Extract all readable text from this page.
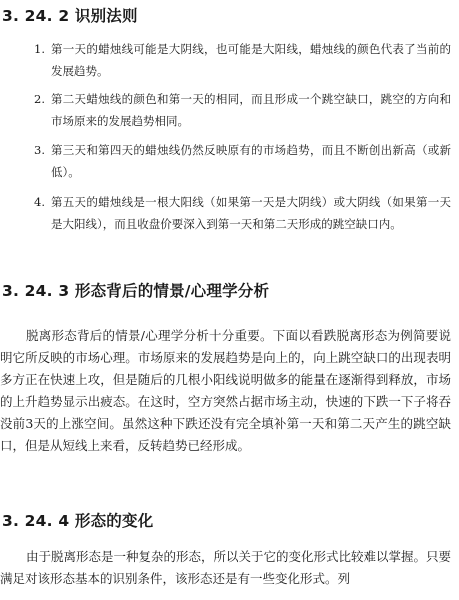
3. 24. 2 识别法则
1. 第一天的蜡烛线可能是大阴线，也可能是大阳线，蜡烛线的颜色代表了当前的发展趋势。
2. 第二天蜡烛线的颜色和第一天的相同，而且形成一个跳空缺口，跳空的方向和市场原来的发展趋势相同。
3. 第三天和第四天的蜡烛线仍然反映原有的市场趋势，而且不断创出新高（或新低）。
4. 第五天的蜡烛线是一根大阳线（如果第一天是大阴线）或大阴线（如果第一天是大阳线），而且收盘价要深入到第一天和第二天形成的跳空缺口内。
3. 24. 3 形态背后的情景/心理学分析

脱离形态背后的情景/心理学分析十分重要。下面以看跌脱离形态为例简要说明它所反映的市场心理。市场原来的发展趋势是向上的，向上跳空缺口的出现表明多方正在快速上攻，但是随后的几根小阳线说明做多的能量在逐渐得到释放，市场的上升趋势显示出疲态。在这时，空方突然占据市场主动，快速的下跌一下子将吞没前3天的上涨空间。虽然这种下跌还没有完全填补第一天和第二天产生的跳空缺口，但是从短线上来看，反转趋势已经形成。

3. 24. 4 形态的变化

由于脱离形态是一种复杂的形态，所以关于它的变化形式比较难以掌握。只要满足对该形态基本的识别条件，该形态还是有一些变化形式。列
